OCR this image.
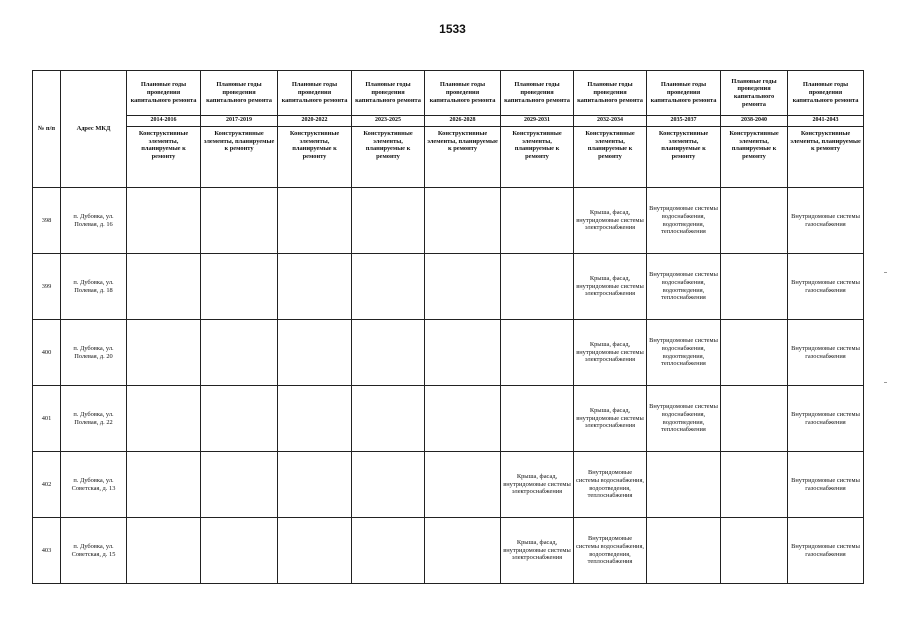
1533
№ п/п	Адрес МКД	Плановые годы проведения капитального ремонта	Плановые годы проведения капитального ремонта	Плановые годы проведения капитального ремонта	Плановые годы проведения капитального ремонта	Плановые годы проведения капитального ремонта	Плановые годы проведения капитального ремонта	Плановые годы проведения капитального ремонта	Плановые годы проведения капитального ремонта	Плановые годы проведения капитального ремонта	Плановые годы проведения капитального ремонта
		2014-2016	2017-2019	2020-2022	2023-2025	2026-2028	2029-2031	2032-2034	2035-2037	2038-2040	2041-2043
		Конструктивные элементы, планируемые к ремонту	Конструктивные элементы, планируемые к ремонту	Конструктивные элементы, планируемые к ремонту	Конструктивные элементы, планируемые к ремонту	Конструктивные элементы, планируемые к ремонту	Конструктивные элементы, планируемые к ремонту	Конструктивные элементы, планируемые к ремонту	Конструктивные элементы, планируемые к ремонту	Конструктивные элементы, планируемые к ремонту	Конструктивные элементы, планируемые к ремонту
398	п. Дубовка, ул. Полевая, д. 16							Крыша, фасад, внутридомовые системы электроснабжения	Внутридомовые системы водоснабжения, водоотведения, теплоснабжения		Внутридомовые системы газоснабжения
399	п. Дубовка, ул. Полевая, д. 18							Крыша, фасад, внутридомовые системы электроснабжения	Внутридомовые системы водоснабжения, водоотведения, теплоснабжения		Внутридомовые системы газоснабжения
400	п. Дубовка, ул. Полевая, д. 20							Крыша, фасад, внутридомовые системы электроснабжения	Внутридомовые системы водоснабжения, водоотведения, теплоснабжения		Внутридомовые системы газоснабжения
401	п. Дубовка, ул. Полевая, д. 22							Крыша, фасад, внутридомовые системы электроснабжения	Внутридомовые системы водоснабжения, водоотведения, теплоснабжения		Внутридомовые системы газоснабжения
402	п. Дубовка, ул. Советская, д. 13						Крыша, фасад, внутридомовые системы электроснабжения	Внутридомовые системы водоснабжения, водоотведения, теплоснабжения			Внутридомовые системы газоснабжения
403	п. Дубовка, ул. Советская, д. 15						Крыша, фасад, внутридомовые системы электроснабжения	Внутридомовые системы водоснабжения, водоотведения, теплоснабжения			Внутридомовые системы газоснабжения
